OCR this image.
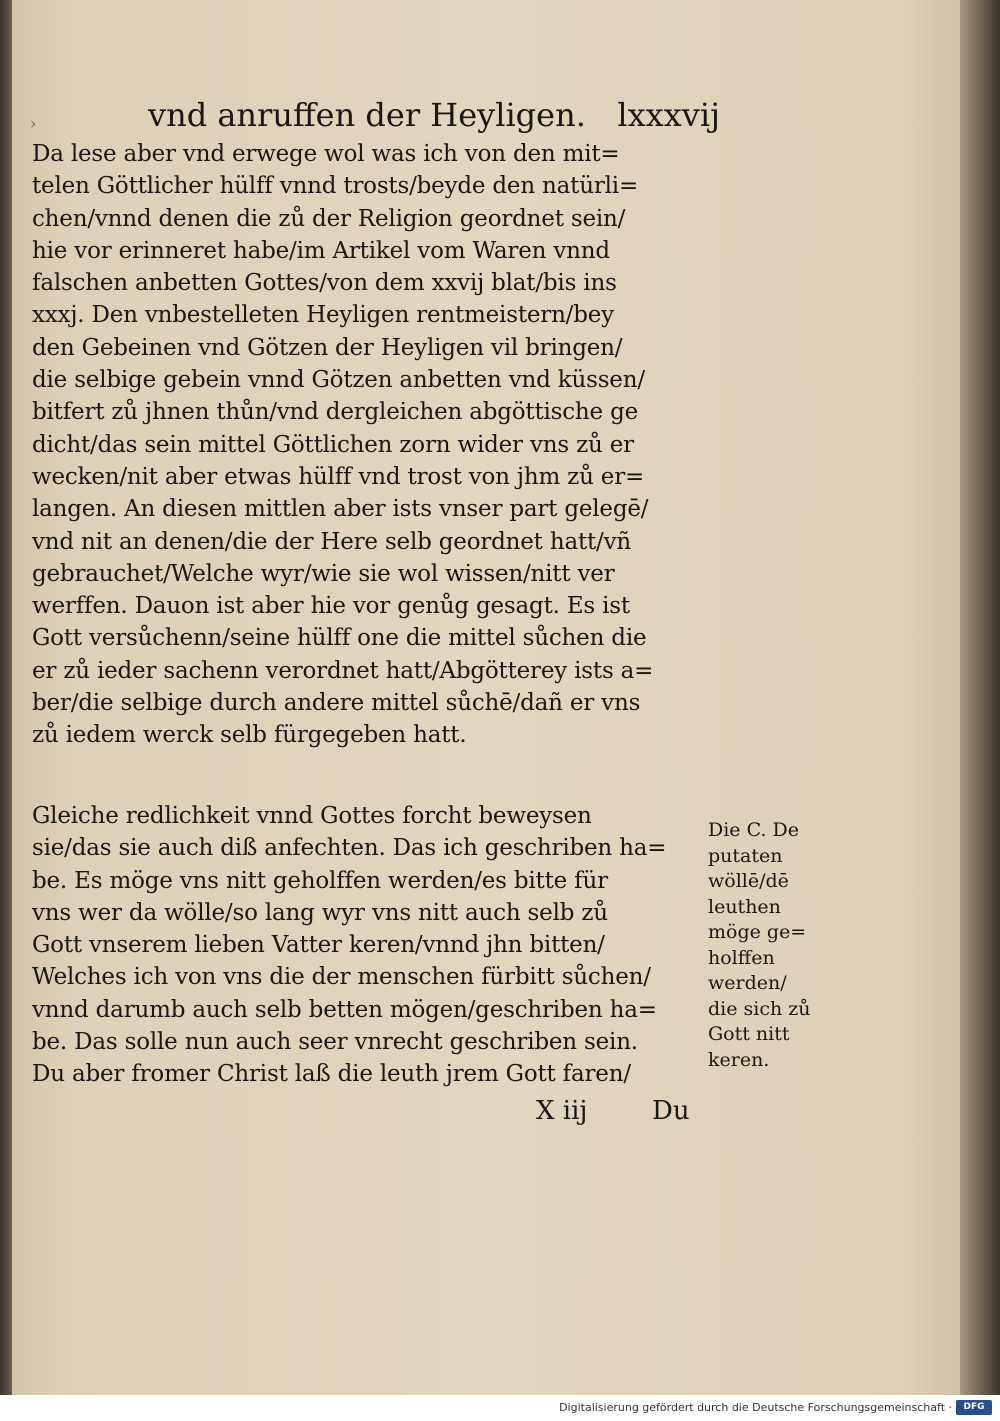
›	vnd anruffen der Heyligen. lxxxvij
Da lese aber vnd erwege wol was ich von den mit=
telen Göttlicher hülff vnnd trosts/beyde den natürli=
chen/vnnd denen die zů der Religion geordnet sein/
hie vor erinneret habe/im Artikel vom Waren vnnd
falschen anbetten Gottes/von dem xxvij blat/bis ins
xxxj. Den vnbestelleten Heyligen rentmeistern/bey
den Gebeinen vnd Götzen der Heyligen vil bringen/
die selbige gebein vnnd Götzen anbetten vnd küssen/
bitfert zů jhnen thůn/vnd dergleichen abgöttische ge
dicht/das sein mittel Göttlichen zorn wider vns zů er
wecken/nit aber etwas hülff vnd trost von jhm zů er=
langen. An diesen mittlen aber ists vnser part gelegē/
vnd nit an denen/die der Here selb geordnet hatt/vñ
gebrauchet/Welche wyr/wie sie wol wissen/nitt ver
werffen. Dauon ist aber hie vor genůg gesagt. Es ist
Gott versůchenn/seine hülff one die mittel sůchen die
er zů ieder sachenn verordnet hatt/Abgötterey ists a=
ber/die selbige durch andere mittel sůchē/dañ er vns
zů iedem werck selb fürgegeben hatt.
Gleiche redlichkeit vnnd Gottes forcht beweysen
sie/das sie auch diß anfechten. Das ich geschriben ha=
be. Es möge vns nitt geholffen werden/es bitte für
vns wer da wölle/so lang wyr vns nitt auch selb zů
Gott vnserem lieben Vatter keren/vnnd jhn bitten/
Welches ich von vns die der menschen fürbitt sůchen/
vnnd darumb auch selb betten mögen/geschriben ha=
be. Das solle nun auch seer vnrecht geschriben sein.
Du aber fromer Christ laß die leuth jrem Gott faren/
Die C. De
putaten
wöllē/dē
leuthen
möge ge=
holffen
werden/
die sich zů
Gott nitt
keren.
X iij Du
Digitalisierung gefördert durch die Deutsche Forschungsgemeinschaft ·	DFG
